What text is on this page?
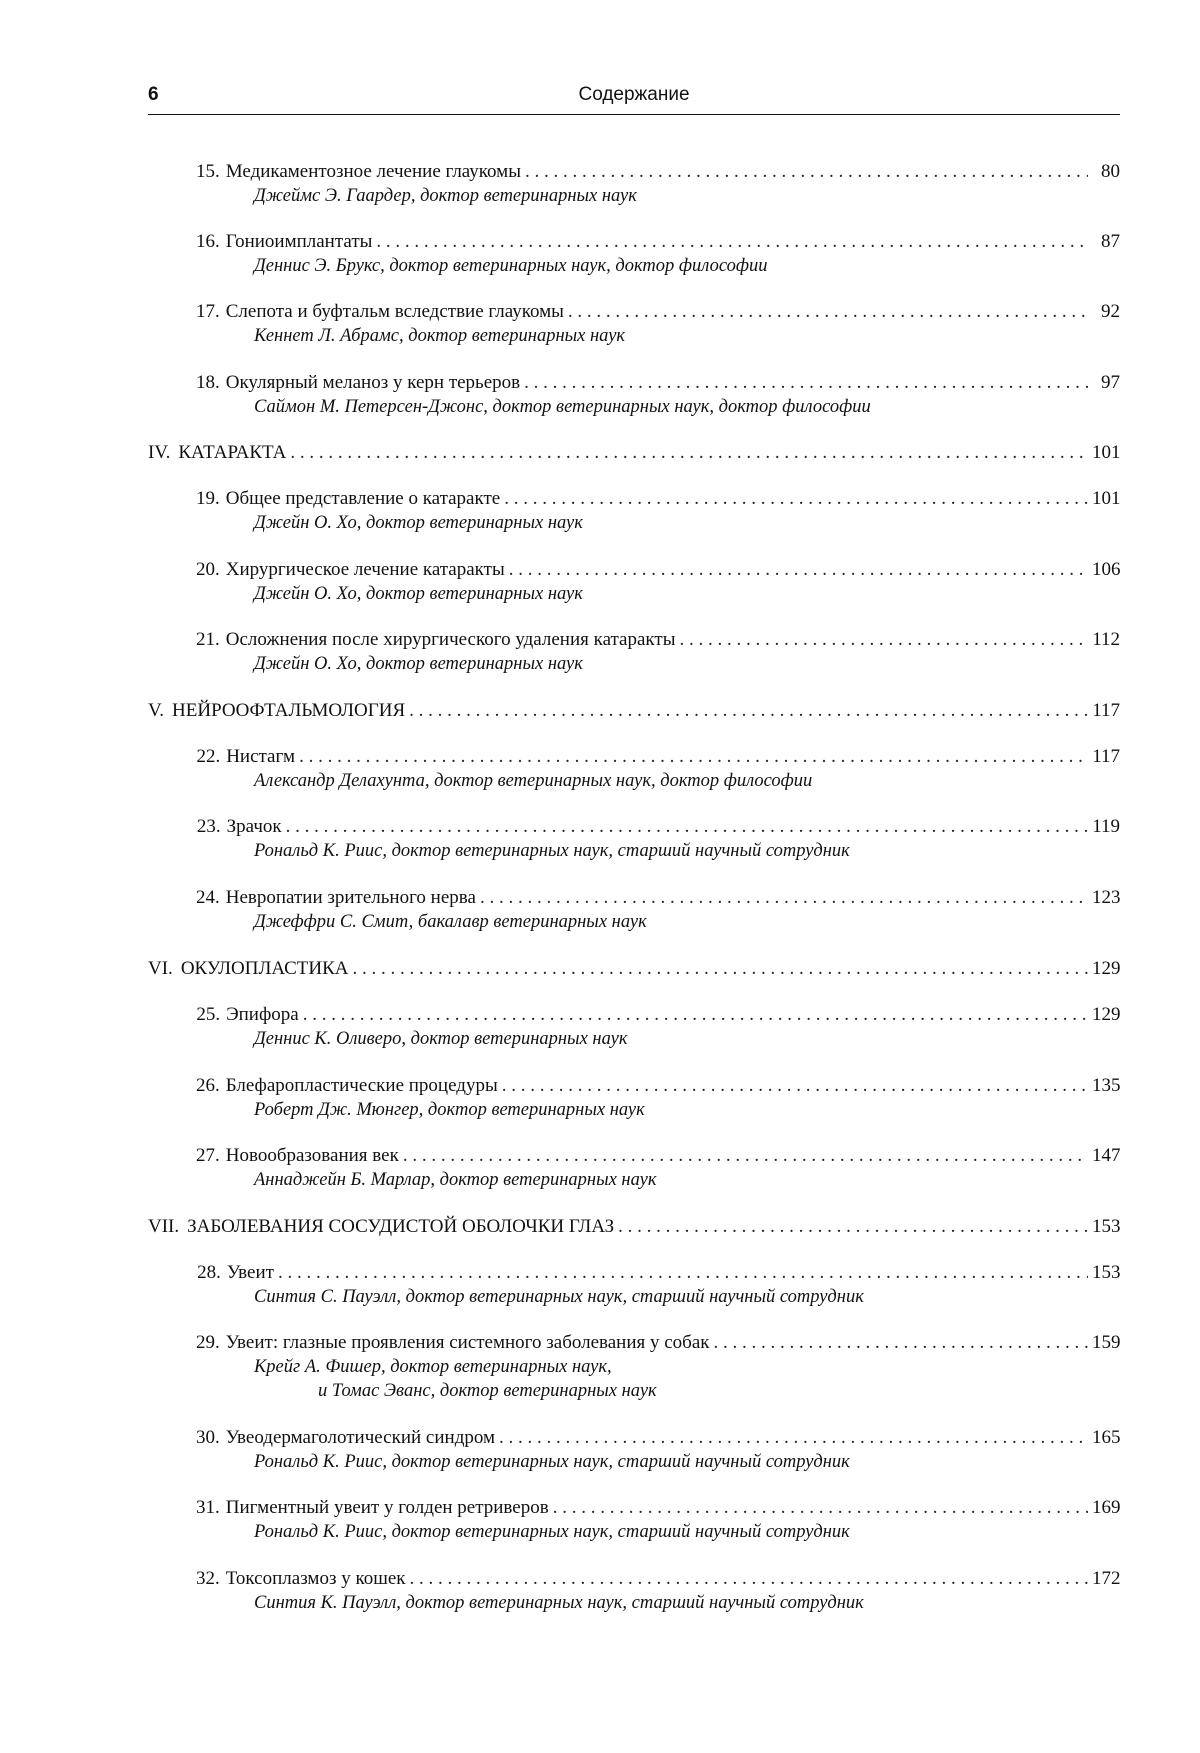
6	Содержание
15. Медикаментозное лечение глаукомы . . .	80
Джеймс Э. Гаардер, доктор ветеринарных наук
16. Гониоимплантаты . . .	87
Деннис Э. Брукс, доктор ветеринарных наук, доктор философии
17. Слепота и буфтальм вследствие глаукомы . . .	92
Кеннет Л. Абрамс, доктор ветеринарных наук
18. Окулярный меланоз у керн терьеров . . .	97
Саймон М. Петерсен-Джонс, доктор ветеринарных наук, доктор философии
IV. КАТАРАКТА . . .	101
19. Общее представление о катаракте . . .	101
Джейн О. Хо, доктор ветеринарных наук
20. Хирургическое лечение катаракты . . .	106
Джейн О. Хо, доктор ветеринарных наук
21. Осложнения после хирургического удаления катаракты . . .	112
Джейн О. Хо, доктор ветеринарных наук
V. НЕЙРООФТАЛЬМОЛОГИЯ . . .	117
22. Нистагм . . .	117
Александр Делахунта, доктор ветеринарных наук, доктор философии
23. Зрачок . . .	119
Рональд К. Риис, доктор ветеринарных наук, старший научный сотрудник
24. Невропатии зрительного нерва . . .	123
Джеффри С. Смит, бакалавр ветеринарных наук
VI. ОКУЛОПЛАСТИКА . . .	129
25. Эпифора . . .	129
Деннис К. Оливеро, доктор ветеринарных наук
26. Блефаропластические процедуры . . .	135
Роберт Дж. Мюнгер, доктор ветеринарных наук
27. Новообразования век . . .	147
Аннаджейн Б. Марлар, доктор ветеринарных наук
VII. ЗАБОЛЕВАНИЯ СОСУДИСТОЙ ОБОЛОЧКИ ГЛАЗ . . .	153
28. Увеит . . .	153
Синтия С. Пауэлл, доктор ветеринарных наук, старший научный сотрудник
29. Увеит: глазные проявления системного заболевания у собак . . .	159
Крейг А. Фишер, доктор ветеринарных наук,
и Томас Эванс, доктор ветеринарных наук
30. Увеодермаголотический синдром . . .	165
Рональд К. Риис, доктор ветеринарных наук, старший научный сотрудник
31. Пигментный увеит у голден ретриверов . . .	169
Рональд К. Риис, доктор ветеринарных наук, старший научный сотрудник
32. Токсоплазмоз у кошек . . .	172
Синтия К. Пауэлл, доктор ветеринарных наук, старший научный сотрудник
